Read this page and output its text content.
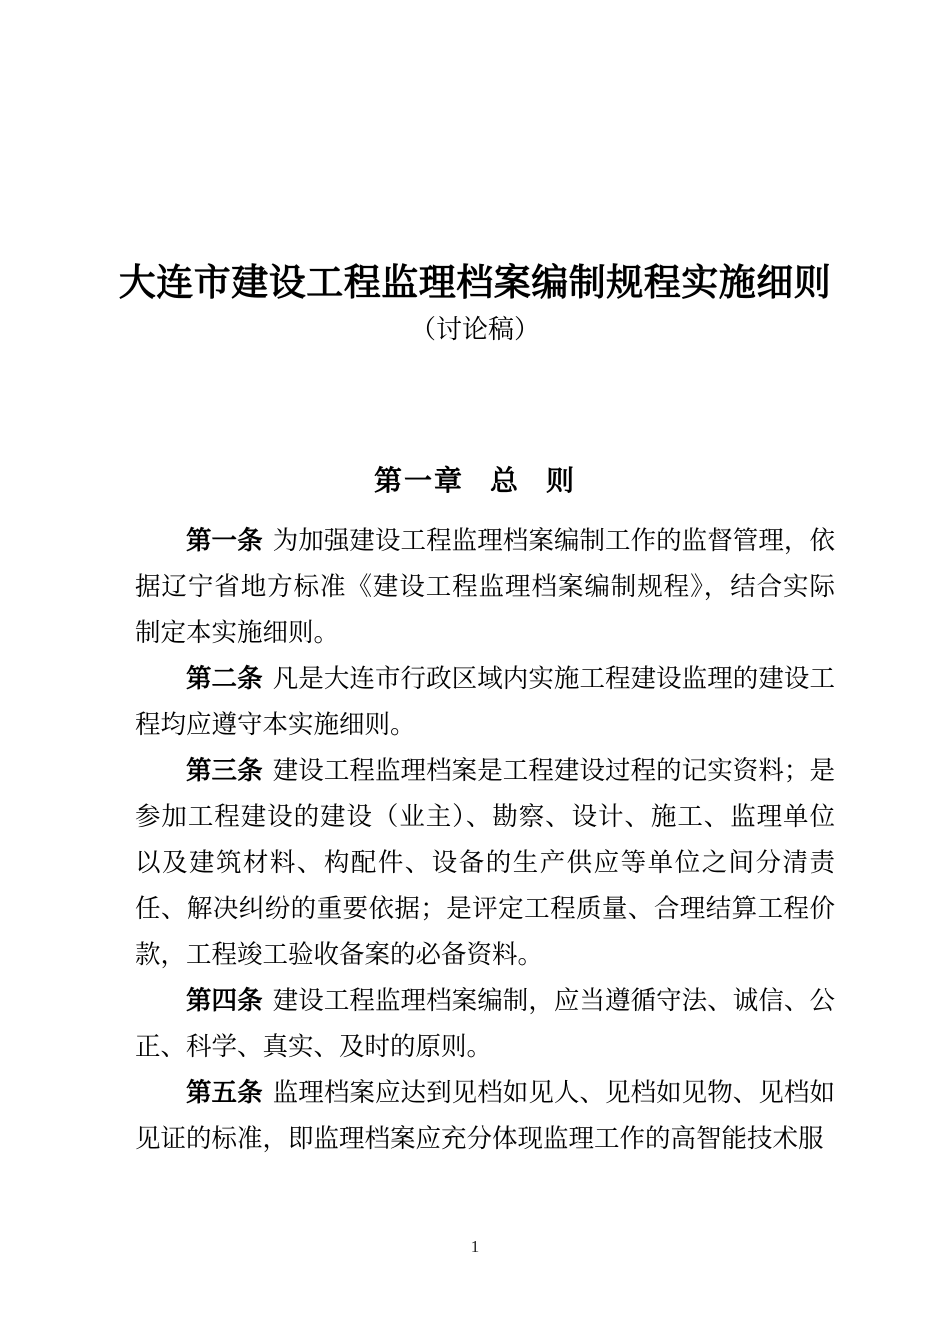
大连市建设工程监理档案编制规程实施细则
（讨论稿）
第一章 总 则

第一条 为加强建设工程监理档案编制工作的监督管理，依据辽宁省地方标准《建设工程监理档案编制规程》，结合实际制定本实施细则。

第二条 凡是大连市行政区域内实施工程建设监理的建设工程均应遵守本实施细则。

第三条 建设工程监理档案是工程建设过程的记实资料；是参加工程建设的建设（业主）、勘察、设计、施工、监理单位以及建筑材料、构配件、设备的生产供应等单位之间分清责任、解决纠纷的重要依据；是评定工程质量、合理结算工程价款，工程竣工验收备案的必备资料。

第四条 建设工程监理档案编制，应当遵循守法、诚信、公正、科学、真实、及时的原则。

第五条 监理档案应达到见档如见人、见档如见物、见档如见证的标准，即监理档案应充分体现监理工作的高智能技术服

1
